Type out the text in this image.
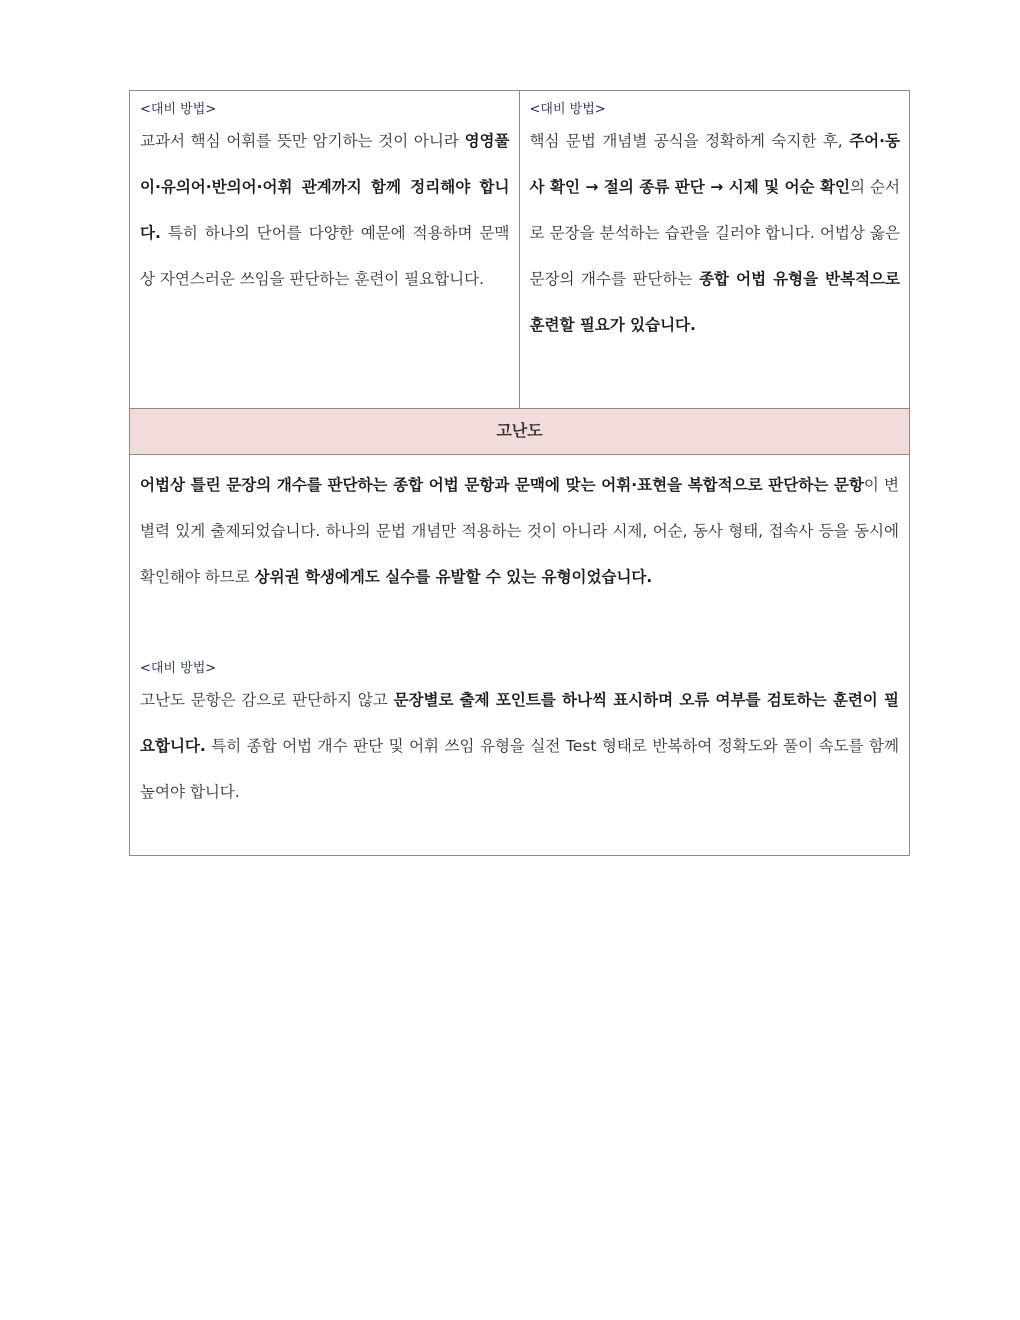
<대비 방법>
교과서 핵심 어휘를 뜻만 암기하는 것이 아니라 영영풀이·유의어·반의어·어휘 관계까지 함께 정리해야 합니다. 특히 하나의 단어를 다양한 예문에 적용하며 문맥상 자연스러운 쓰임을 판단하는 훈련이 필요합니다.
<대비 방법>
핵심 문법 개념별 공식을 정확하게 숙지한 후, 주어·동사 확인 → 절의 종류 판단 → 시제 및 어순 확인의 순서로 문장을 분석하는 습관을 길러야 합니다. 어법상 옳은 문장의 개수를 판단하는 종합 어법 유형을 반복적으로 훈련할 필요가 있습니다.
고난도
어법상 틀린 문장의 개수를 판단하는 종합 어법 문항과 문맥에 맞는 어휘·표현을 복합적으로 판단하는 문항이 변별력 있게 출제되었습니다. 하나의 문법 개념만 적용하는 것이 아니라 시제, 어순, 동사 형태, 접속사 등을 동시에 확인해야 하므로 상위권 학생에게도 실수를 유발할 수 있는 유형이었습니다.
<대비 방법>
고난도 문항은 감으로 판단하지 않고 문장별로 출제 포인트를 하나씩 표시하며 오류 여부를 검토하는 훈련이 필요합니다. 특히 종합 어법 개수 판단 및 어휘 쓰임 유형을 실전 Test 형태로 반복하여 정확도와 풀이 속도를 함께 높여야 합니다.
